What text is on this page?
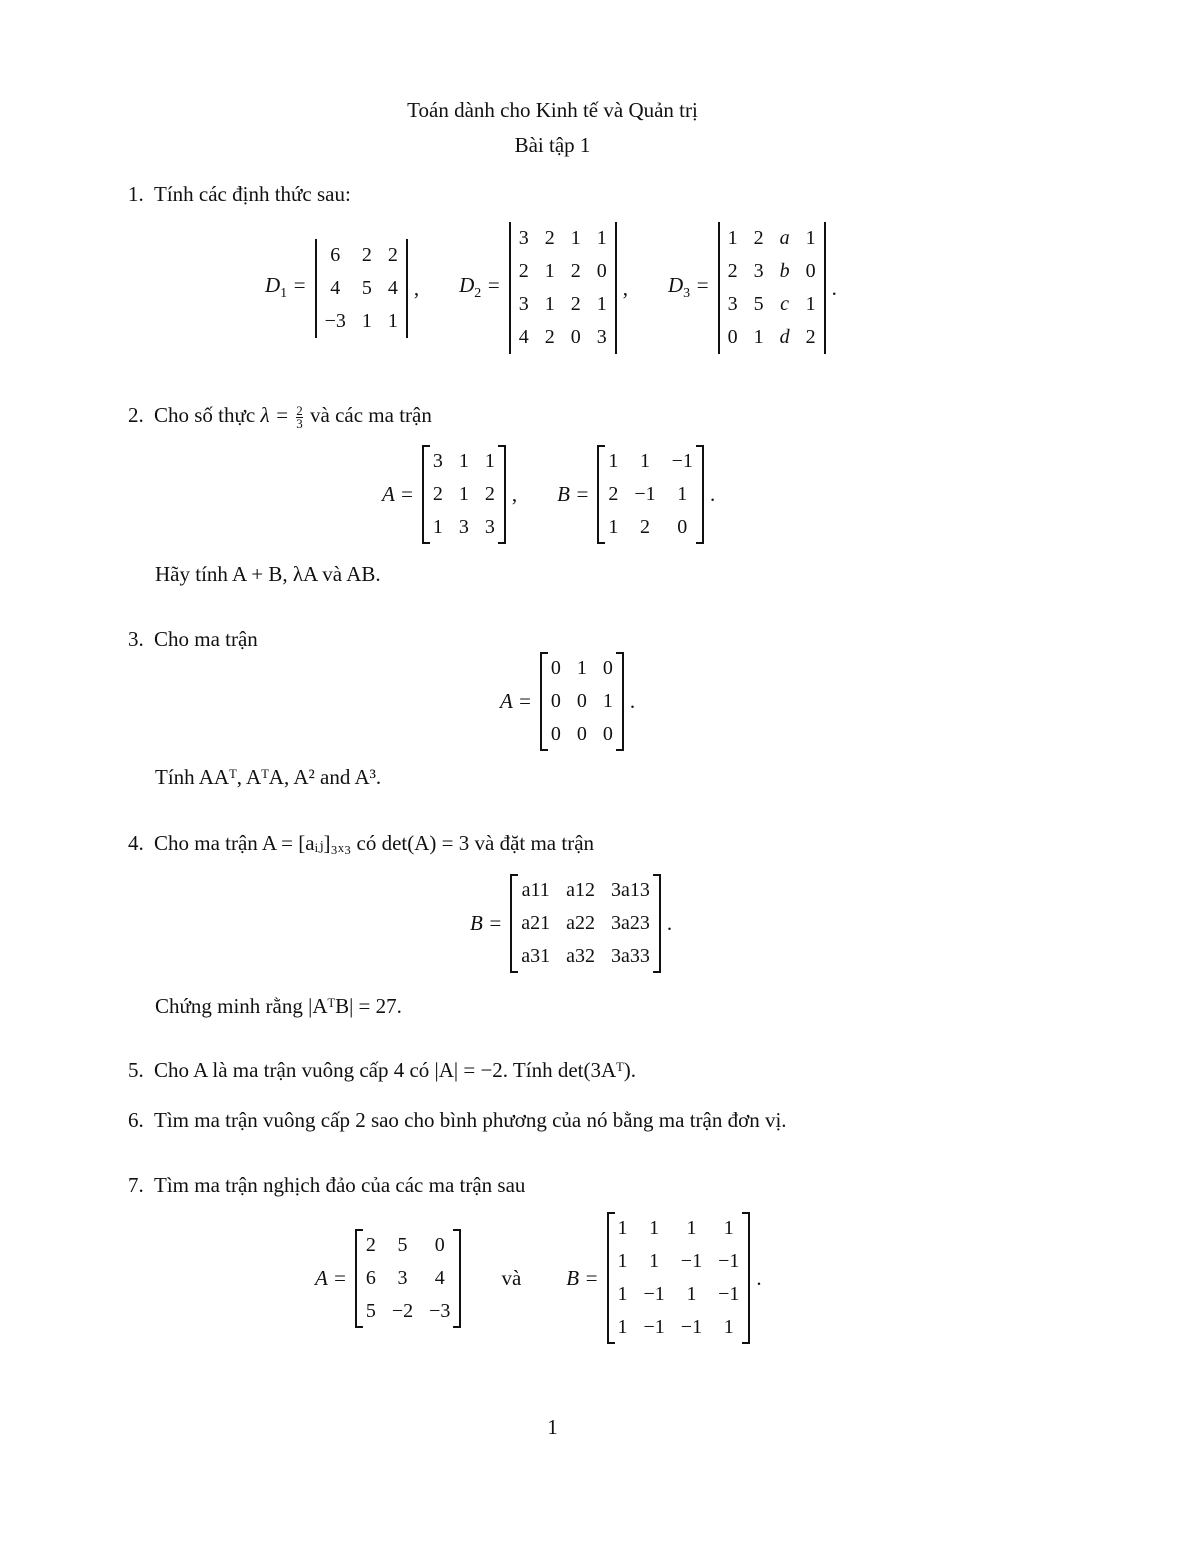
Toán dành cho Kinh tế và Quản trị
Bài tập 1
1. Tính các định thức sau:
$D_1$ =
6	2	2
4	5	4
−3	1	1
, $D_2$ =
3	2	1	1
2	1	2	0
3	1	2	1
4	2	0	3
, $D_3$ =
1	2	a	1
2	3	b	0
3	5	c	1
0	1	d	2
.
2. Cho số thực $\lambda = \frac{2}{3}$ và các ma trận
A =
3	1	1
2	1	2
1	3	3
, B =
1	1	−1
2	−1	1
1	2	0
.
Hãy tính A + B, λA và AB.
3. Cho ma trận
A =
0	1	0
0	0	1
0	0	0
.
Tính AAᵀ, AᵀA, A² and A³.
4. Cho ma trận A = [aᵢⱼ]₃ₓ₃ có det(A) = 3 và đặt ma trận
B =
a11	a12	3a13
a21	a22	3a23
a31	a32	3a33
.
Chứng minh rằng |AᵀB| = 27.
5. Cho A là ma trận vuông cấp 4 có |A| = −2. Tính det(3Aᵀ).
6. Tìm ma trận vuông cấp 2 sao cho bình phương của nó bằng ma trận đơn vị.
7. Tìm ma trận nghịch đảo của các ma trận sau
A =
2	5	0
6	3	4
5	−2	−3
và B =
1	1	1	1
1	1	−1	−1
1	−1	1	−1
1	−1	−1	1
.
1
